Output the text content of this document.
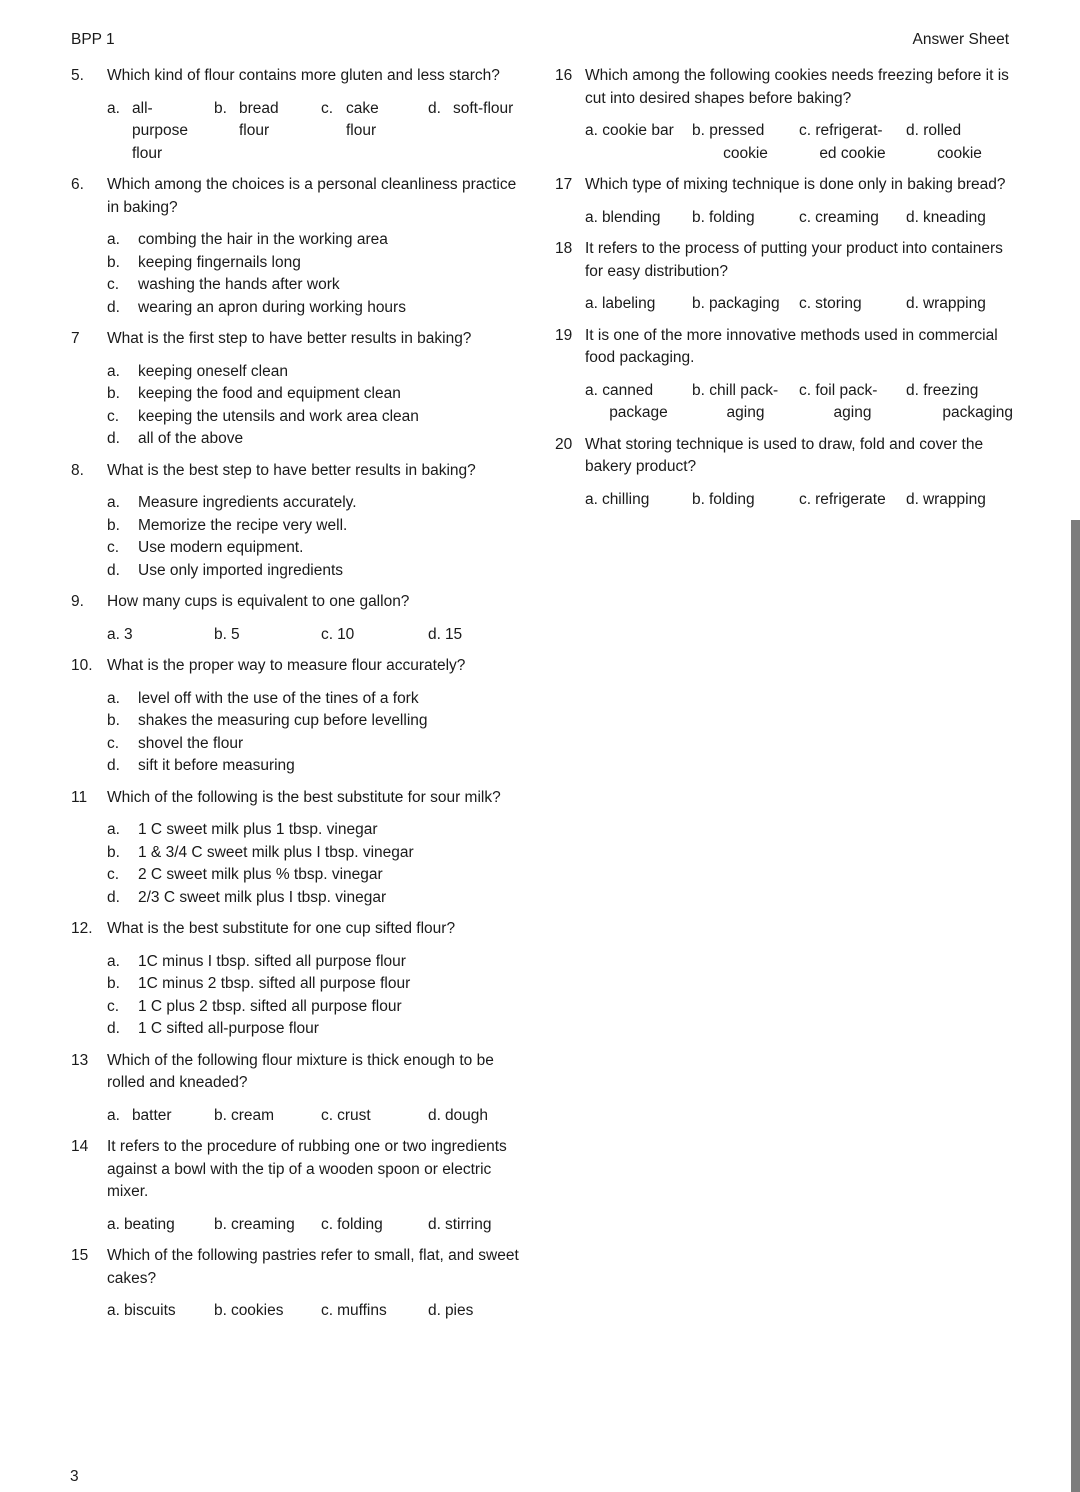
BPP 1	Answer Sheet
5.	Which kind of flour contains more gluten and less starch?
a. all-purpose flour
b. bread flour
c. cake flour
d. soft-flour
6.	Which among the choices is a personal cleanliness practice in baking?
a.	combing the hair in the working area
b.	keeping fingernails long
c.	washing the hands after work
d.	wearing an apron during working hours
7	What is the first step to have better results in baking?
a.	keeping oneself clean
b.	keeping the food and equipment clean
c.	keeping the utensils and work area clean
d.	all of the above
8.	What is the best step to have better results in baking?
a.	Measure ingredients accurately.
b.	Memorize the recipe very well.
c.	Use modern equipment.
d.	Use only imported ingredients
9.	How many cups is equivalent to one gallon?
a. 3	b. 5	c. 10	d. 15
10. What is the proper way to measure flour accurately?
a.	level off with the use of the tines of a fork
b.	shakes the measuring cup before levelling
c.	shovel the flour
d.	sift it before measuring
11	Which of the following is the best substitute for sour milk?
a.	1 C sweet milk plus 1 tbsp. vinegar
b.	1 & 3/4 C sweet milk plus I tbsp. vinegar
c.	2 C sweet milk plus % tbsp. vinegar
d.	2/3 C sweet milk plus I tbsp. vinegar
12. What is the best substitute for one cup sifted flour?
a.	1C minus I tbsp. sifted all purpose flour
b.	1C minus 2 tbsp. sifted all purpose flour
c.	1 C plus 2 tbsp. sifted all purpose flour
d.	1 C sifted all-purpose flour
13	Which of the following flour mixture is thick enough to be rolled and kneaded?
a. batter	b. cream	c. crust	d. dough
14	It refers to the procedure of rubbing one or two ingredients against a bowl with the tip of a wooden spoon or electric mixer.
a. beating	b. creaming c. folding	d. stirring
15	Which of the following pastries refer to small, flat, and sweet cakes?
a. biscuits b. cookies c. muffins	d. pies
16 Which among the following cookies needs freezing before it is cut into desired shapes before baking?
a. cookie bar	b. pressed
cookie
c. refrigerat-
ed cookie
d. rolled
cookie
17 Which type of mixing technique is done only in baking bread?
a. blending b. folding	c. creaming d. kneading
18 It refers to the process of putting your product into containers for easy distribution?
a. labeling b. packaging c. storing	d. wrapping
19 It is one of the more innovative methods used in commercial food packaging.
a. canned
package
b. chill pack-
aging
c. foil pack-
aging
d. freezing
packaging
20 What storing technique is used to draw, fold and cover the bakery product?
a. chilling	b. folding	c. refrigerate d. wrapping
3
